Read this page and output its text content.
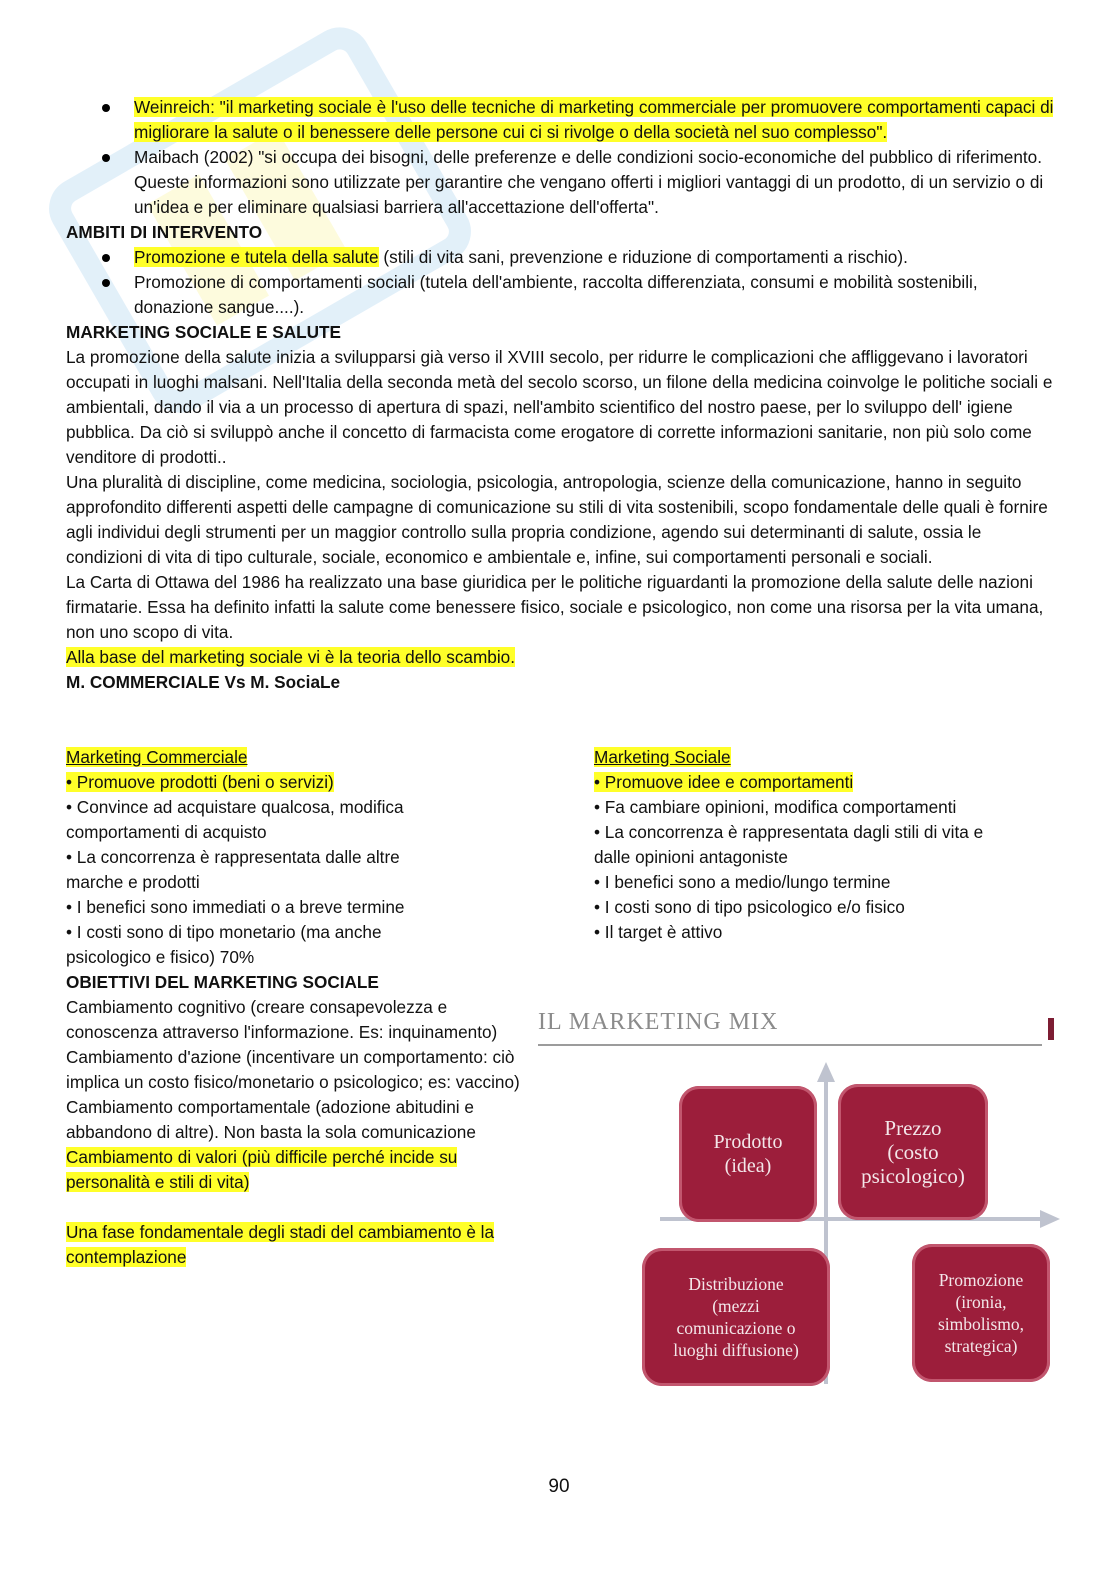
Weinreich: "il marketing sociale è l'uso delle tecniche di marketing commerciale per promuovere comportamenti capaci di migliorare la salute o il benessere delle persone cui ci si rivolge o della società nel suo complesso".
Maibach (2002) "si occupa dei bisogni, delle preferenze e delle condizioni socio-economiche del pubblico di riferimento. Queste informazioni sono utilizzate per garantire che vengano offerti i migliori vantaggi di un prodotto, di un servizio o di un'idea e per eliminare qualsiasi barriera all'accettazione dell'offerta".

AMBITI DI INTERVENTO

Promozione e tutela della salute (stili di vita sani, prevenzione e riduzione di comportamenti a rischio).
Promozione di comportamenti sociali (tutela dell'ambiente, raccolta differenziata, consumi e mobilità sostenibili, donazione sangue....).

MARKETING SOCIALE E SALUTE

La promozione della salute inizia a svilupparsi già verso il XVIII secolo, per ridurre le complicazioni che affliggevano i lavoratori occupati in luoghi malsani. Nell'Italia della seconda metà del secolo scorso, un filone della medicina coinvolge le politiche sociali e ambientali, dando il via a un processo di apertura di spazi, nell'ambito scientifico del nostro paese, per lo sviluppo dell' igiene pubblica. Da ciò si sviluppò anche il concetto di farmacista come erogatore di corrette informazioni sanitarie, non più solo come venditore di prodotti..

Una pluralità di discipline, come medicina, sociologia, psicologia, antropologia, scienze della comunicazione, hanno in seguito approfondito differenti aspetti delle campagne di comunicazione su stili di vita sostenibili, scopo fondamentale delle quali è fornire agli individui degli strumenti per un maggior controllo sulla propria condizione, agendo sui determinanti di salute, ossia le condizioni di vita di tipo culturale, sociale, economico e ambientale e, infine, sui comportamenti personali e sociali.

La Carta di Ottawa del 1986 ha realizzato una base giuridica per le politiche riguardanti la promozione della salute delle nazioni firmatarie. Essa ha definito infatti la salute come benessere fisico, sociale e psicologico, non come una risorsa per la vita umana, non uno scopo di vita.

Alla base del marketing sociale vi è la teoria dello scambio.

M. COMMERCIALE Vs M. SociaLe

Marketing Commerciale

• Promuove prodotti (beni o servizi)

• Convince ad acquistare qualcosa, modifica comportamenti di acquisto

• La concorrenza è rappresentata dalle altre marche e prodotti

• I benefici sono immediati o a breve termine

• I costi sono di tipo monetario (ma anche psicologico e fisico) 70%

Marketing Sociale

• Promuove idee e comportamenti

• Fa cambiare opinioni, modifica comportamenti

• La concorrenza è rappresentata dagli stili di vita e dalle opinioni antagoniste

• I benefici sono a medio/lungo termine

• I costi sono di tipo psicologico e/o fisico

• Il target è attivo

OBIETTIVI DEL MARKETING SOCIALE

Cambiamento cognitivo (creare consapevolezza e conoscenza attraverso l'informazione. Es: inquinamento)

Cambiamento d'azione (incentivare un comportamento: ciò implica un costo fisico/monetario o psicologico; es: vaccino)

Cambiamento comportamentale (adozione abitudini e abbandono di altre). Non basta la sola comunicazione

Cambiamento di valori (più difficile perché incide su personalità e stili di vita)

Una fase fondamentale degli stadi del cambiamento è la contemplazione

IL MARKETING MIX
Prodotto
(idea)
Prezzo
(costo
psicologico)
Distribuzione
(mezzi
comunicazione o
luoghi diffusione)
Promozione
(ironia,
simbolismo,
strategica)
90
